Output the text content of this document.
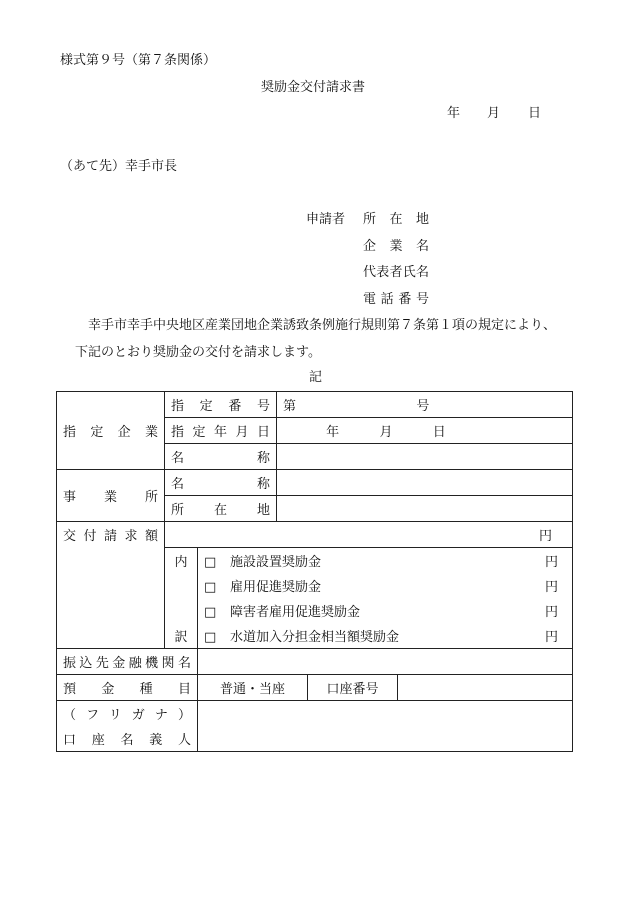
様式第９号（第７条関係）
奨励金交付請求書
年 月 日
（あて先）幸手市長
申請者 所　在　地
企　業　名
代表者氏名
電話番号
幸手市幸手中央地区産業団地企業誘致条例施行規則第７条第１項の規定により、
下記のとおり奨励金の交付を請求します。
記
指定企業	指定番号		第 号		

	指定年月日		年 月 日		

	名称				

事業所	名称				

	所在地				

交付請求額	円				
	内	□ 施設設置奨励金 円			

		□ 雇用促進奨励金 円			

		□ 障害者雇用促進奨励金 円			

	訳	□ 水道加入分担金相当額奨励金 円			

振込先金融機関名					

預金種目		普通・当座		口座番号	

（フリガナ）					

口座名義人					
